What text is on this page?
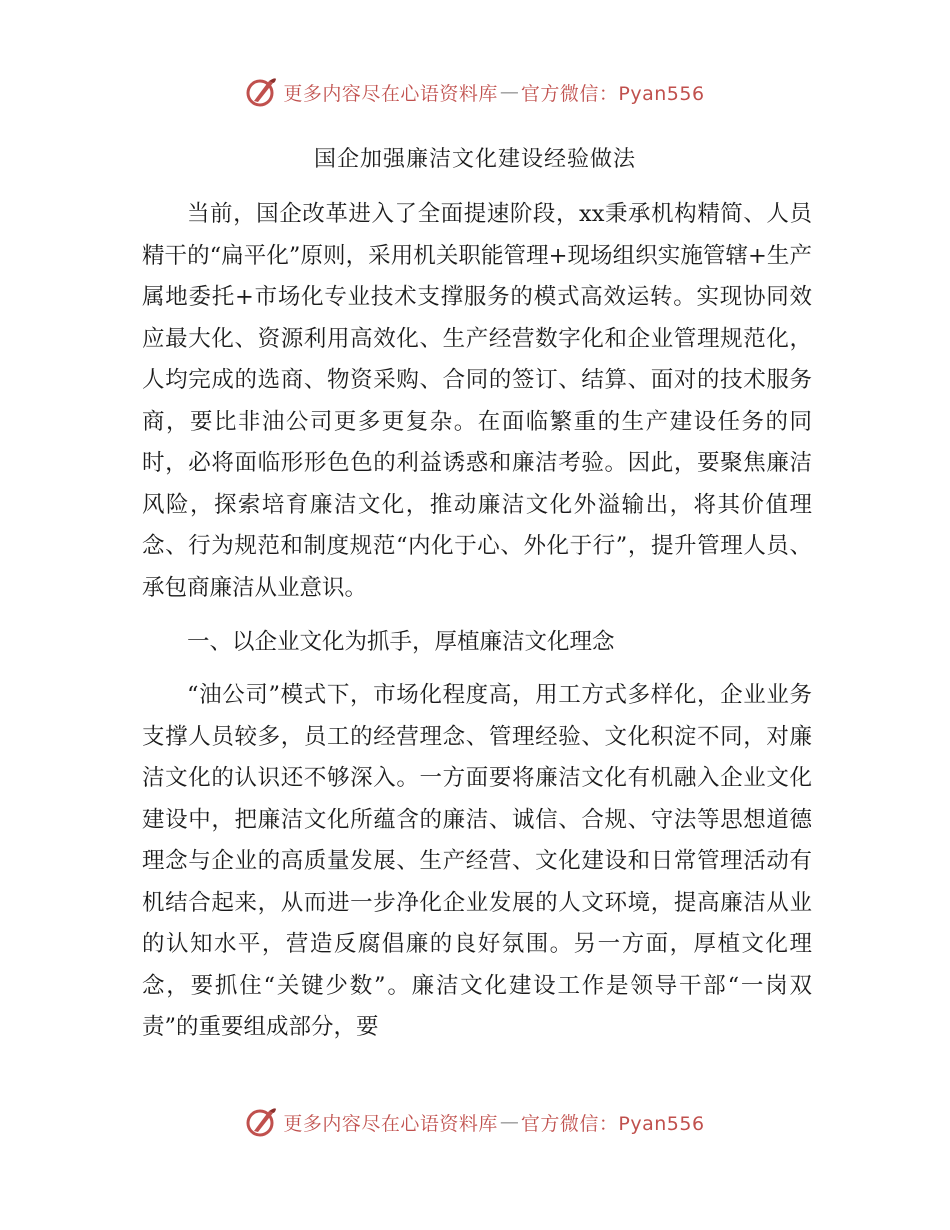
更多内容尽在心语资料库 — 官方微信：Pyan556
国企加强廉洁文化建设经验做法

当前，国企改革进入了全面提速阶段，xx秉承机构精简、人员精干的“扁平化”原则，采用机关职能管理+现场组织实施管辖+生产属地委托+市场化专业技术支撑服务的模式高效运转。实现协同效应最大化、资源利用高效化、生产经营数字化和企业管理规范化，人均完成的选商、物资采购、合同的签订、结算、面对的技术服务商，要比非油公司更多更复杂。在面临繁重的生产建设任务的同时，必将面临形形色色的利益诱惑和廉洁考验。因此，要聚焦廉洁风险，探索培育廉洁文化，推动廉洁文化外溢输出，将其价值理念、行为规范和制度规范“内化于心、外化于行”，提升管理人员、承包商廉洁从业意识。

一、以企业文化为抓手，厚植廉洁文化理念

“油公司”模式下，市场化程度高，用工方式多样化，企业业务支撑人员较多，员工的经营理念、管理经验、文化积淀不同，对廉洁文化的认识还不够深入。一方面要将廉洁文化有机融入企业文化建设中，把廉洁文化所蕴含的廉洁、诚信、合规、守法等思想道德理念与企业的高质量发展、生产经营、文化建设和日常管理活动有机结合起来，从而进一步净化企业发展的人文环境，提高廉洁从业的认知水平，营造反腐倡廉的良好氛围。另一方面，厚植文化理念，要抓住“关键少数”。廉洁文化建设工作是领导干部“一岗双责”的重要组成部分，要

更多内容尽在心语资料库 — 官方微信：Pyan556
